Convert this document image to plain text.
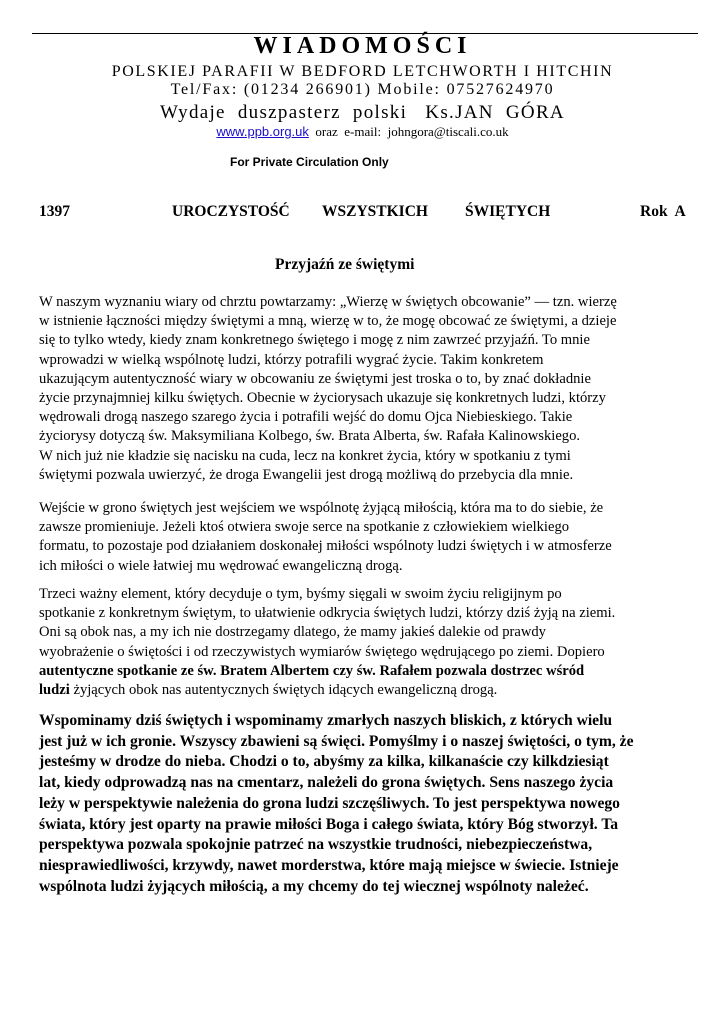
WIADOMOŚCI
POLSKIEJ PARAFII W BEDFORD LETCHWORTH I HITCHIN
Tel/Fax: (01234 266901) Mobile: 07527624970
Wydaje  duszpasterz  polski   Ks.JAN  GÓRA
www.ppb.org.uk  oraz  e-mail:  johngora@tiscali.co.uk
For Private Circulation Only
1397	UROCZYSTOŚĆ WSZYSTKICH ŚWIĘTYCH	Rok  A
Przyjaźń ze świętymi
W naszym wyznaniu wiary od chrztu powtarzamy: „Wierzę w świętych obcowanie” — tzn. wierzę
w istnienie łączności między świętymi a mną, wierzę w to, że mogę obcować ze świętymi, a dzieje
się to tylko wtedy, kiedy znam konkretnego świętego i mogę z nim zawrzeć przyjaźń. To mnie
wprowadzi w wielką wspólnotę ludzi, którzy potrafili wygrać życie. Takim konkretem
ukazującym autentyczność wiary w obcowaniu ze świętymi jest troska o to, by znać dokładnie
życie przynajmniej kilku świętych. Obecnie w życiorysach ukazuje się konkretnych ludzi, którzy
wędrowali drogą naszego szarego życia i potrafili wejść do domu Ojca Niebieskiego. Takie
życiorysy dotyczą św. Maksymiliana Kolbego, św. Brata Alberta, św. Rafała Kalinowskiego.
W nich już nie kładzie się nacisku na cuda, lecz na konkret życia, który w spotkaniu z tymi
świętymi pozwala uwierzyć, że droga Ewangelii jest drogą możliwą do przebycia dla mnie.
Wejście w grono świętych jest wejściem we wspólnotę żyjącą miłością, która ma to do siebie, że
zawsze promieniuje. Jeżeli ktoś otwiera swoje serce na spotkanie z człowiekiem wielkiego
formatu, to pozostaje pod działaniem doskonałej miłości wspólnoty ludzi świętych i w atmosferze
ich miłości o wiele łatwiej mu wędrować ewangeliczną drogą.
Trzeci ważny element, który decyduje o tym, byśmy sięgali w swoim życiu religijnym po
spotkanie z konkretnym świętym, to ułatwienie odkrycia świętych ludzi, którzy dziś żyją na ziemi.
Oni są obok nas, a my ich nie dostrzegamy dlatego, że mamy jakieś dalekie od prawdy
wyobrażenie o świętości i od rzeczywistych wymiarów świętego wędrującego po ziemi. Dopiero
autentyczne spotkanie ze św. Bratem Albertem czy św. Rafałem pozwala dostrzec wśród
ludzi żyjących obok nas autentycznych świętych idących ewangeliczną drogą.
Wspominamy dziś świętych i wspominamy zmarłych naszych bliskich, z których wielu
jest już w ich gronie. Wszyscy zbawieni są święci. Pomyślmy i o naszej świętości, o tym, że
jesteśmy w drodze do nieba. Chodzi o to, abyśmy za kilka, kilkanaście czy kilkdziesiąt
lat, kiedy odprowadzą nas na cmentarz, należeli do grona świętych. Sens naszego życia
leży w perspektywie należenia do grona ludzi szczęśliwych. To jest perspektywa nowego
świata, który jest oparty na prawie miłości Boga i całego świata, który Bóg stworzył. Ta
perspektywa pozwala spokojnie patrzeć na wszystkie trudności, niebezpieczeństwa,
niesprawiedliwości, krzywdy, nawet morderstwa, które mają miejsce w świecie. Istnieje
wspólnota ludzi żyjących miłością, a my chcemy do tej wiecznej wspólnoty należeć.
